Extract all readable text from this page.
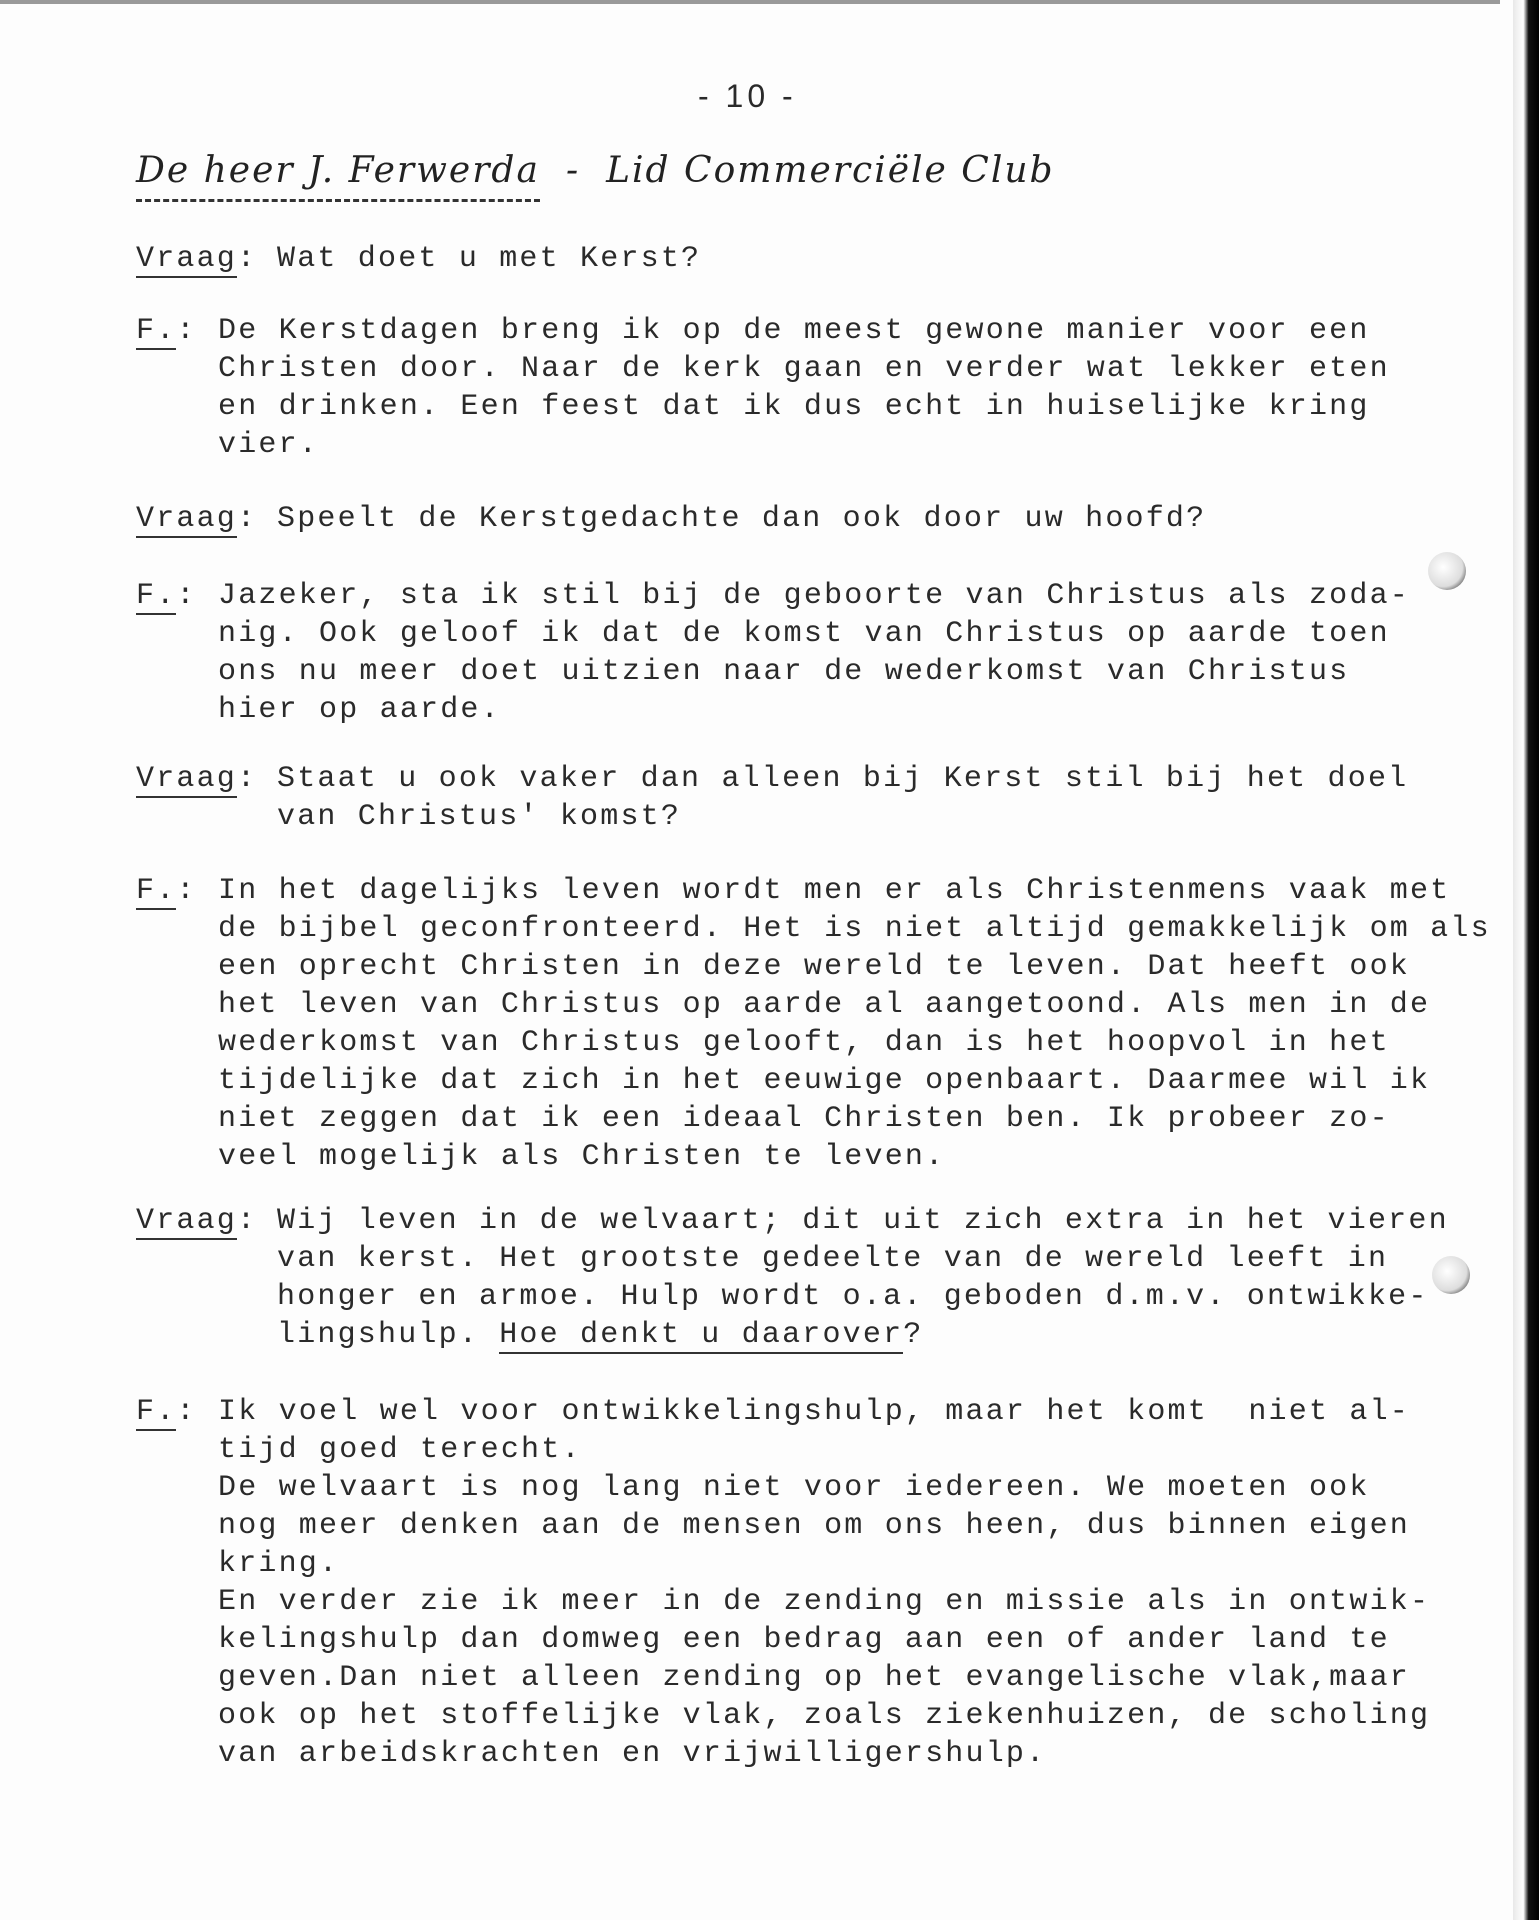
- 10 -
De heer J. Ferwerda - Lid Commerciële Club
Vraag: Wat doet u met Kerst?
F.: De Kerstdagen breng ik op de meest gewone manier voor een
Christen door. Naar de kerk gaan en verder wat lekker eten
en drinken. Een feest dat ik dus echt in huiselijke kring
vier.
Vraag: Speelt de Kerstgedachte dan ook door uw hoofd?
F.: Jazeker, sta ik stil bij de geboorte van Christus als zoda-
nig. Ook geloof ik dat de komst van Christus op aarde toen
ons nu meer doet uitzien naar de wederkomst van Christus
hier op aarde.
Vraag: Staat u ook vaker dan alleen bij Kerst stil bij het doel
van Christus' komst?
F.: In het dagelijks leven wordt men er als Christenmens vaak met
de bijbel geconfronteerd. Het is niet altijd gemakkelijk om als
een oprecht Christen in deze wereld te leven. Dat heeft ook
het leven van Christus op aarde al aangetoond. Als men in de
wederkomst van Christus gelooft, dan is het hoopvol in het
tijdelijke dat zich in het eeuwige openbaart. Daarmee wil ik
niet zeggen dat ik een ideaal Christen ben. Ik probeer zo-
veel mogelijk als Christen te leven.
Vraag: Wij leven in de welvaart; dit uit zich extra in het vieren
van kerst. Het grootste gedeelte van de wereld leeft in
honger en armoe. Hulp wordt o.a. geboden d.m.v. ontwikke-
lingshulp. Hoe denkt u daarover?
F.: Ik voel wel voor ontwikkelingshulp, maar het komt  niet al-
tijd goed terecht.
De welvaart is nog lang niet voor iedereen. We moeten ook
nog meer denken aan de mensen om ons heen, dus binnen eigen
kring.
En verder zie ik meer in de zending en missie als in ontwik-
kelingshulp dan domweg een bedrag aan een of ander land te
geven.Dan niet alleen zending op het evangelische vlak,maar
ook op het stoffelijke vlak, zoals ziekenhuizen, de scholing
van arbeidskrachten en vrijwilligershulp.
